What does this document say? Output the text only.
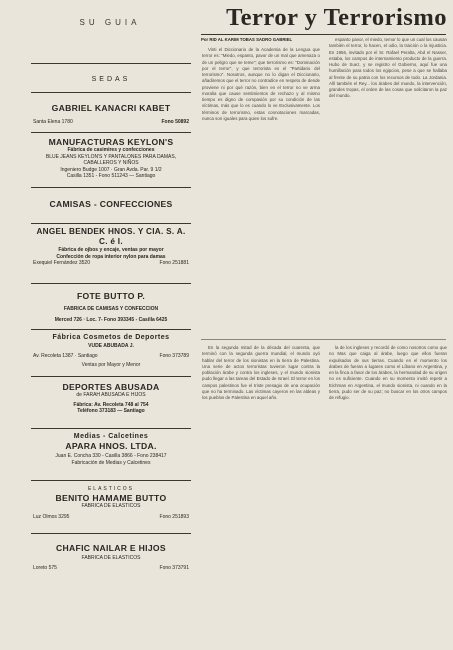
SU GUIA
SEDAS
GABRIEL KANACRI KABET
Santa Elena 1780	Fono 50892
MANUFACTURAS KEYLON'S
Fábrica de casimires y confecciones
BLUE JEANS KEYLON'S Y PANTALONES PARA DAMAS, CABALLEROS Y NIÑOS
Ingeniero Budge 1007 · Gran Avda. Par. 9 1/2
Casilla 1351 - Fono 511243 — Santiago
CAMISAS - CONFECCIONES
ANGEL BENDEK HNOS. Y CIA. S. A. C. é I.
Fábrica de ojbos y encaje, ventas por mayor
Confección de ropa interior nylon para damas
Exequiel Fernández 3520	Fono 251881
FOTE BUTTO P.
FABRICA DE CAMISAS Y CONFECCION
Merced 726 · Loc. 7- Fono 393345 - Casilla 6425
Fábrica Cosmetos de Deportes
VUDE ABUBADA J.
Av. Recoleta 1387 · Santiago	Fono 373789
Ventas por Mayor y Menor
DEPORTES ABUSADA
de FARAH ABUSADA E HIJOS
Fábrica: Av. Recoleta 748 al 754
Teléfono 373183 — Santiago
Medias - Calcetines
APARA HNOS. LTDA.
Juan E. Concha 330 - Casilla 3866 - Fono 238417
Fabricación de Medias y Calcetines
ELASTICOS
BENITO HAMAME BUTTO
FABRICA DE ELASTICOS
Luz Olmos 3295	Fono 251893
CHAFIC NAILAR E HIJOS
FABRICA DE ELASTICOS
Loreto 575	Fono 373791
Terror y Terrorismo
Por RID AL KARIM TOBAS SADRO GABRIEL

Vinti el Diccionario de la Academia de la Lengua que terror es: "Miedo, espanto, pavor de un mal que amenaza o de un peligro que se teme"; que terrorismo es: "Dominación por el terror", y que terrorista es el "Partidario del terrorismo". Nosotros, aunque no lo digan el Diccionario, añadiremos que el terror no contradice en respeto de dende proviene ni por qué razón, bien en el terror no ve arma moralia que cause sentimientos de rechazo y al mismo tiempo es digno de compasión por su condición de las víctimas, más que lo es cuando lo ve Exclusivamente. Los términos de terrorismo, estas connotaciones marcadas, nunca son iguales para quien los sufre.

espanto pavor, el miedo, temor lo que un cual los causan también el terror, lo hacen, el odio, la traición o la injusticia. En 1956, invitado por el Sr. Rafael Peralta, Abd el Nasser, estaba, los campos de internamiento producto de la guerra. Hubo de Suez, y se registro el Gobierno, aquí fue una humillación para todos los egipcios, pese a que se hallaba al frente de su patria con los recursos de todo. La Jordania. Allí también el Rey... los árabes del mundo, la intervención, grandes tropas, el orden de las cosas que solicitaron la paz del mundo.

En la segunda mitad de la década del cuarenta, que terminó con la segunda guerra mundial, el mundo oyó hablar del terror de los sionistas en la tierra de Palestina. Una serie de actos terroristas tuvieron lugar contra la población árabe y contra los ingleses, y el mundo sionista pudo llegar a las tareas del Estado de Israel. El terror en los campos palestinos fue el triste presagio de una ocupación que no ha terminado. Las víctimas cayeron en las aldeas y los pueblos de Palestina en aquel año.

la de los ingleses y recordó de como nosotros como que no Mas que caiga al árabe, luego que ellos fueran expulsados de sus tierras. Cuando en el momento los árabes de fueran a lugares como el Líbano en Argentina, y en la finca a favor de los árabes, la hermandad de su origen no es suficiente. Cuando en su momento invitó repetir a Eichman en Argentina, el mundo sionista, ni cuando en la tierra, pudo ser de su paz; no buscar en los otros campos de refugio.
